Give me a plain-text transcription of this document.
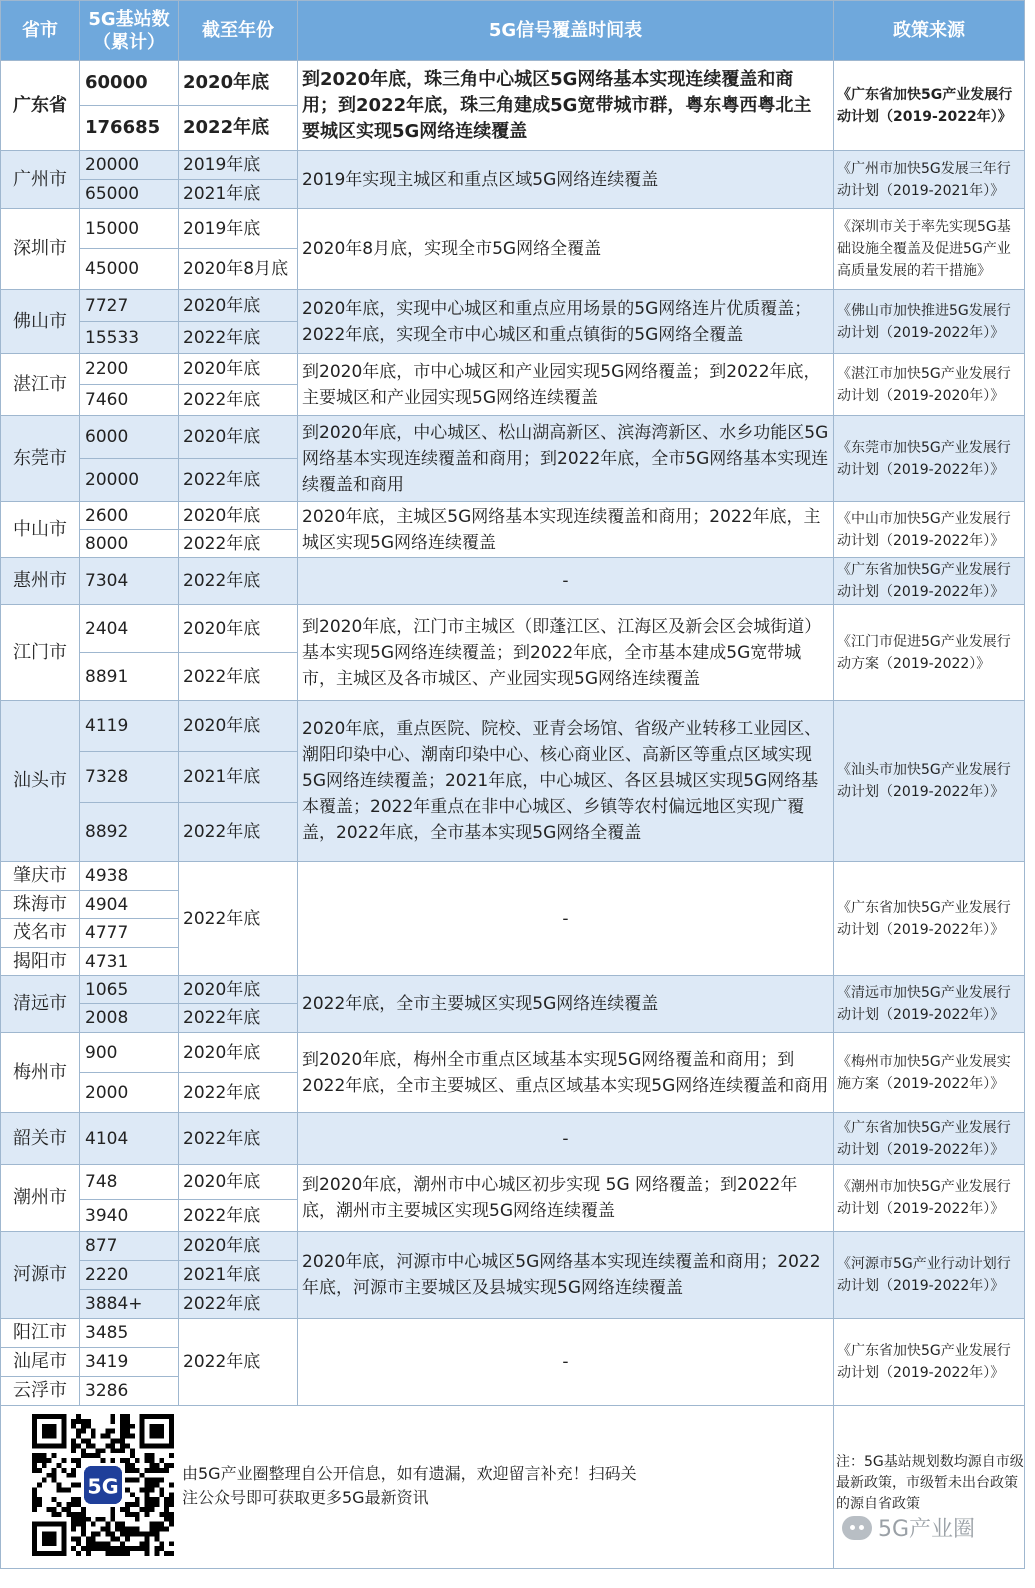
省市	5G基站数（累计）	截至年份	5G信号覆盖时间表	政策来源
广东省	60000	2020年底	到2020年底，珠三角中心城区5G网络基本实现连续覆盖和商用；到2022年底，珠三角建成5G宽带城市群，粤东粤西粤北主要城区实现5G网络连续覆盖	《广东省加快5G产业发展行动计划（2019-2022年）》
	176685	2022年底		
广州市	20000	2019年底	2019年实现主城区和重点区域5G网络连续覆盖	《广州市加快5G发展三年行动计划（2019-2021年）》
	65000	2021年底		
深圳市	15000	2019年底	2020年8月底，实现全市5G网络全覆盖	《深圳市关于率先实现5G基础设施全覆盖及促进5G产业高质量发展的若干措施》
	45000	2020年8月底		
佛山市	7727	2020年底	2020年底，实现中心城区和重点应用场景的5G网络连片优质覆盖；2022年底，实现全市中心城区和重点镇街的5G网络全覆盖	《佛山市加快推进5G发展行动计划（2019-2022年）》
	15533	2022年底		
湛江市	2200	2020年底	到2020年底，市中心城区和产业园实现5G网络覆盖；到2022年底，主要城区和产业园实现5G网络连续覆盖	《湛江市加快5G产业发展行动计划（2019-2020年）》
	7460	2022年底		
东莞市	6000	2020年底	到2020年底，中心城区、松山湖高新区、滨海湾新区、水乡功能区5G网络基本实现连续覆盖和商用；到2022年底，全市5G网络基本实现连续覆盖和商用	《东莞市加快5G产业发展行动计划（2019-2022年）》
	20000	2022年底		
中山市	2600	2020年底	2020年底，主城区5G网络基本实现连续覆盖和商用；2022年底，主城区实现5G网络连续覆盖	《中山市加快5G产业发展行动计划（2019-2022年）》
	8000	2022年底		
惠州市	7304	2022年底	-	《广东省加快5G产业发展行动计划（2019-2022年）》
江门市	2404	2020年底	到2020年底，江门市主城区（即蓬江区、江海区及新会区会城街道）基本实现5G网络连续覆盖；到2022年底，全市基本建成5G宽带城市，主城区及各市城区、产业园实现5G网络连续覆盖	《江门市促进5G产业发展行动方案（2019-2022）》
	8891	2022年底		
汕头市	4119	2020年底	2020年底，重点医院、院校、亚青会场馆、省级产业转移工业园区、潮阳印染中心、潮南印染中心、核心商业区、高新区等重点区域实现5G网络连续覆盖；2021年底，中心城区、各区县城区实现5G网络基本覆盖；2022年重点在非中心城区、乡镇等农村偏远地区实现广覆盖，2022年底，全市基本实现5G网络全覆盖	《汕头市加快5G产业发展行动计划（2019-2022年）》
	7328	2021年底		
	8892	2022年底		
肇庆市	4938	2022年底	-	《广东省加快5G产业发展行动计划（2019-2022年）》
珠海市	4904			
茂名市	4777			
揭阳市	4731			
清远市	1065	2020年底	2022年底，全市主要城区实现5G网络连续覆盖	《清远市加快5G产业发展行动计划（2019-2022年）》
	2008	2022年底		
梅州市	900	2020年底	到2020年底，梅州全市重点区域基本实现5G网络覆盖和商用；到2022年底，全市主要城区、重点区域基本实现5G网络连续覆盖和商用	《梅州市加快5G产业发展实施方案（2019-2022年）》
	2000	2022年底		
韶关市	4104	2022年底	-	《广东省加快5G产业发展行动计划（2019-2022年）》
潮州市	748	2020年底	到2020年底，潮州市中心城区初步实现 5G 网络覆盖；到2022年底，潮州市主要城区实现5G网络连续覆盖	《潮州市加快5G产业发展行动计划（2019-2022年）》
	3940	2022年底		
河源市	877	2020年底	2020年底，河源市中心城区5G网络基本实现连续覆盖和商用；2022年底，河源市主要城区及县城实现5G网络连续覆盖	《河源市5G产业行动计划行动计划（2019-2022年）》
	2220	2021年底		
	3884+	2022年底		
阳江市	3485	2022年底	-	《广东省加快5G产业发展行动计划（2019-2022年）》
汕尾市	3419			
云浮市	3286			

5G
由5G产业圈整理自公开信息，如有遗漏，欢迎留言补充！扫码关注公众号即可获取更多5G最新资讯
注：5G基站规划数均源自市级最新政策，市级暂未出台政策的源自省政策
5G产业圈
